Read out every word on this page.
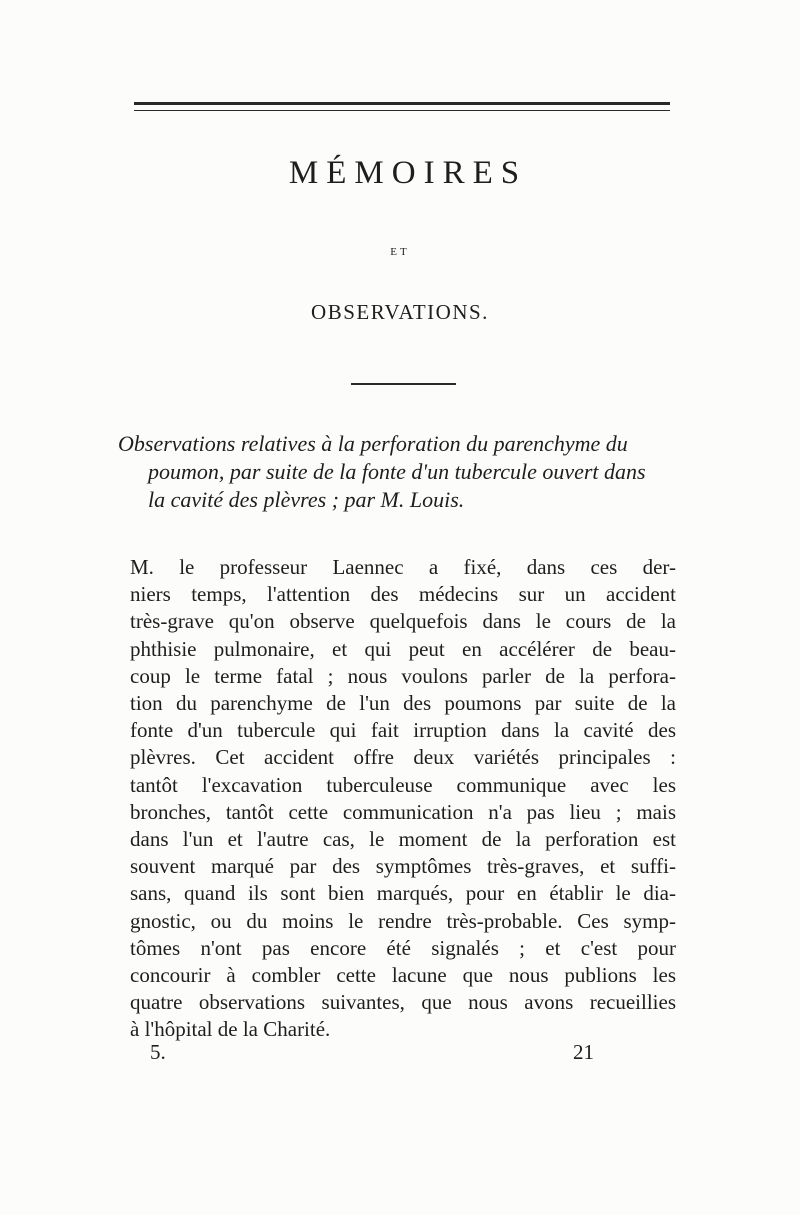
MÉMOIRES
ET
OBSERVATIONS.
Observations relatives à la perforation du parenchyme du
poumon, par suite de la fonte d'un tubercule ouvert dans
la cavité des plèvres ; par M. Louis.
M. le professeur Laennec a fixé, dans ces der-
niers temps, l'attention des médecins sur un accident
très-grave qu'on observe quelquefois dans le cours de la
phthisie pulmonaire, et qui peut en accélérer de beau-
coup le terme fatal ; nous voulons parler de la perfora-
tion du parenchyme de l'un des poumons par suite de la
fonte d'un tubercule qui fait irruption dans la cavité des
plèvres. Cet accident offre deux variétés principales :
tantôt l'excavation tuberculeuse communique avec les
bronches, tantôt cette communication n'a pas lieu ; mais
dans l'un et l'autre cas, le moment de la perforation est
souvent marqué par des symptômes très-graves, et suffi-
sans, quand ils sont bien marqués, pour en établir le dia-
gnostic, ou du moins le rendre très-probable. Ces symp-
tômes n'ont pas encore été signalés ; et c'est pour
concourir à combler cette lacune que nous publions les
quatre observations suivantes, que nous avons recueillies
à l'hôpital de la Charité.
5.	21
